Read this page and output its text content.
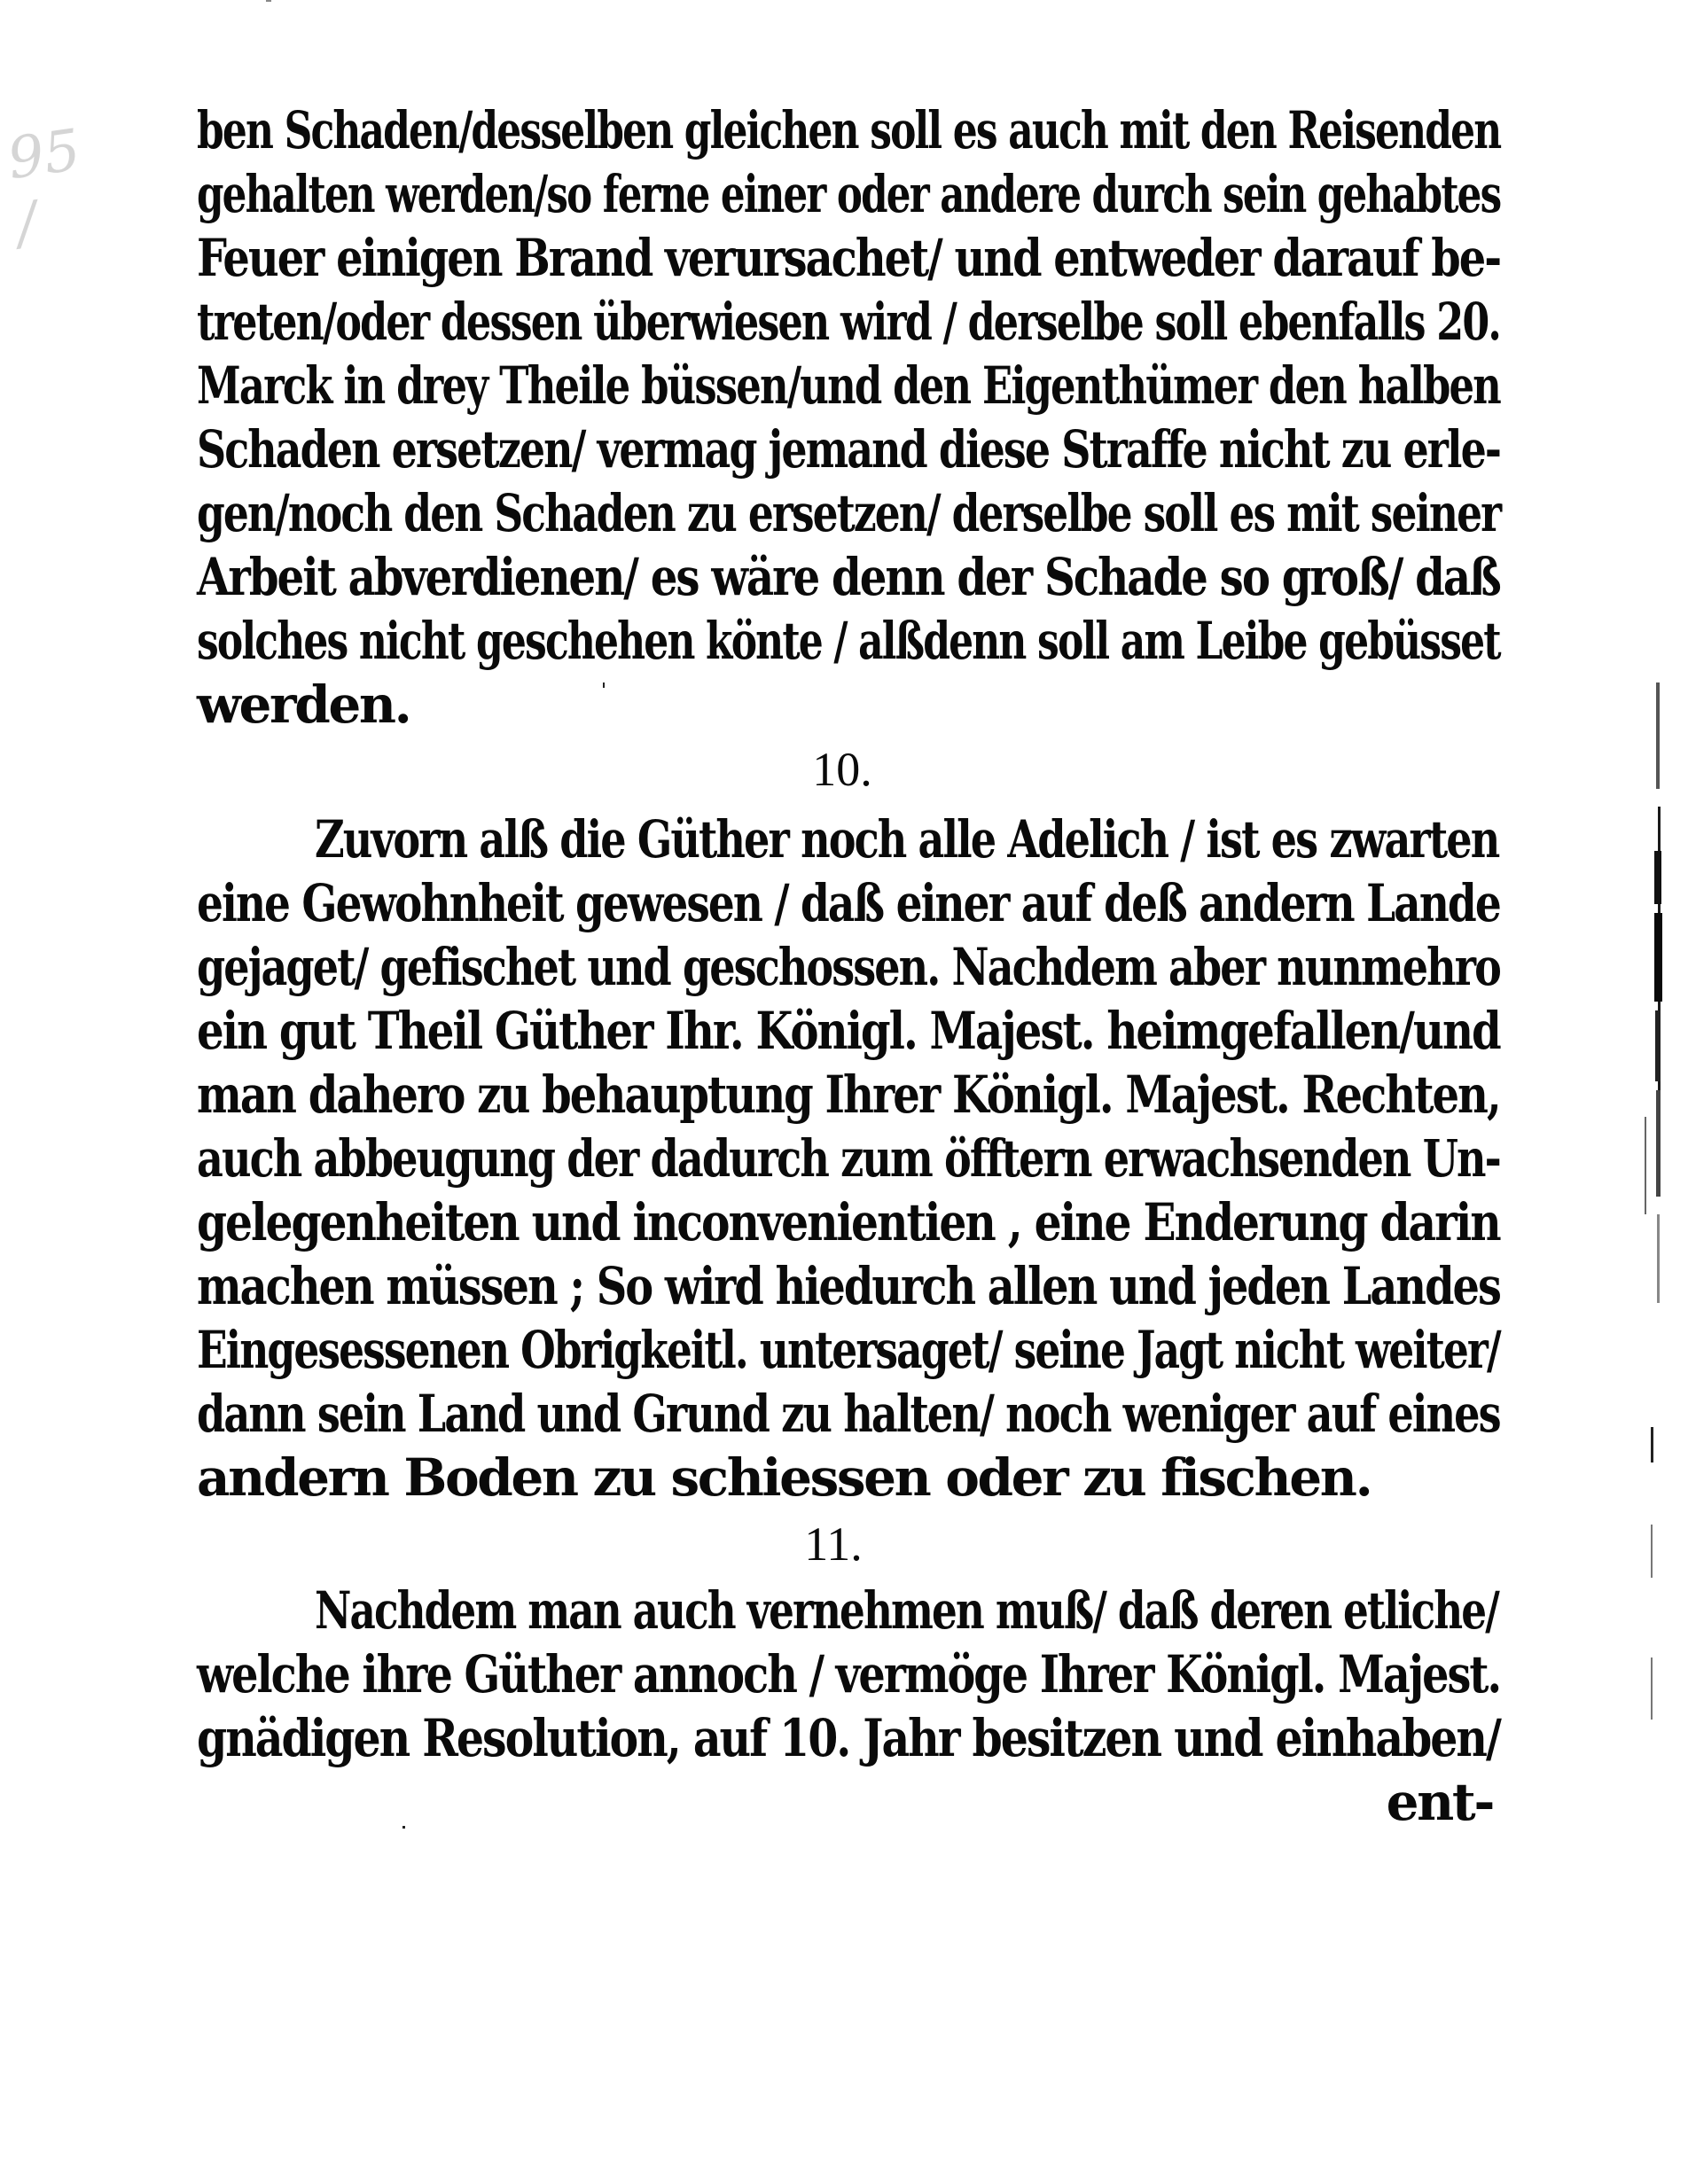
95 /
ben Schaden/desselben gleichen soll es auch mit den Reisenden
gehalten werden/so ferne einer oder andere durch sein gehabtes
Feuer einigen Brand verursachet/ und entweder darauf be-
treten/oder dessen überwiesen wird / derselbe soll ebenfalls 20.
Marck in drey Theile büssen/und den Eigenthümer den halben
Schaden ersetzen/ vermag jemand diese Straffe nicht zu erle-
gen/noch den Schaden zu ersetzen/ derselbe soll es mit seiner
Arbeit abverdienen/ es wäre denn der Schade so groß/ daß
solches nicht geschehen könte / alßdenn soll am Leibe gebüsset
werden.
10.
Zuvorn alß die Güther noch alle Adelich / ist es zwarten
eine Gewohnheit gewesen / daß einer auf deß andern Lande
gejaget/ gefischet und geschossen. Nachdem aber nunmehro
ein gut Theil Güther Ihr. Königl. Majest. heimgefallen/und
man dahero zu behauptung Ihrer Königl. Majest. Rechten,
auch abbeugung der dadurch zum öfftern erwachsenden Un-
gelegenheiten und inconvenientien , eine Enderung darin
machen müssen ; So wird hiedurch allen und jeden Landes
Eingesessenen Obrigkeitl. untersaget/ seine Jagt nicht weiter/
dann sein Land und Grund zu halten/ noch weniger auf eines
andern Boden zu schiessen oder zu fischen.
11.
Nachdem man auch vernehmen muß/ daß deren etliche/
welche ihre Güther annoch / vermöge Ihrer Königl. Majest.
gnädigen Resolution, auf 10. Jahr besitzen und einhaben/
ent-
